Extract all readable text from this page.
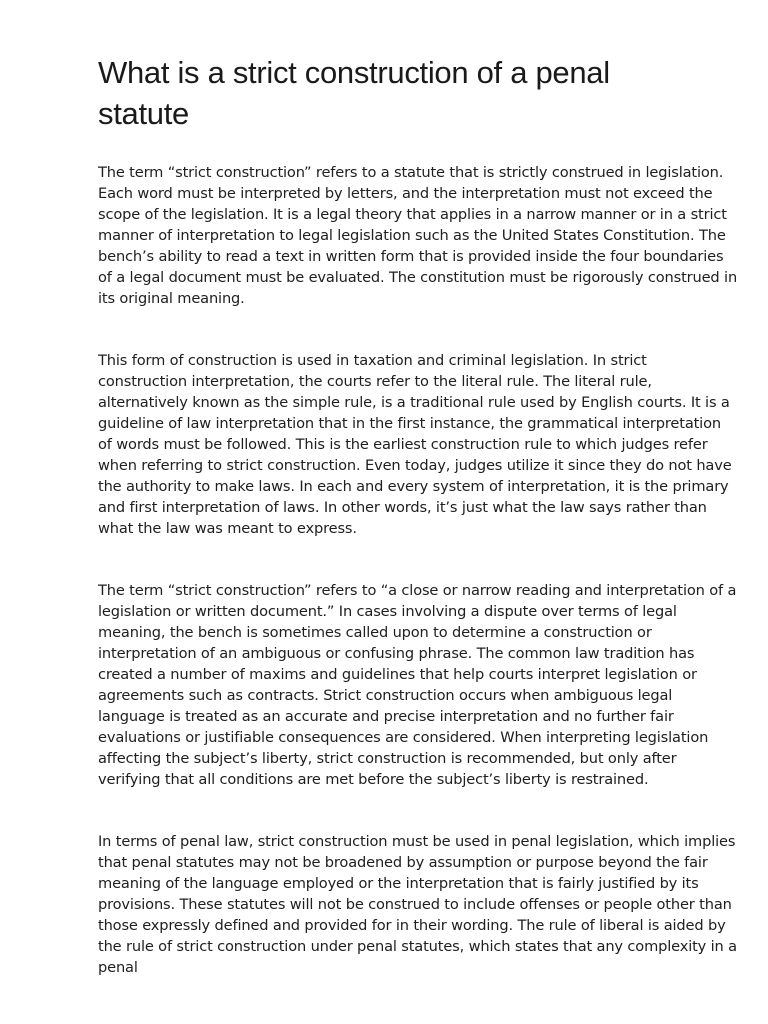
What is a strict construction of a penal statute

The term “strict construction” refers to a statute that is strictly construed in legislation. Each word must be interpreted by letters, and the interpretation must not exceed the scope of the legislation. It is a legal theory that applies in a narrow manner or in a strict manner of interpretation to legal legislation such as the United States Constitution. The bench’s ability to read a text in written form that is provided inside the four boundaries of a legal document must be evaluated. The constitution must be rigorously construed in its original meaning.

This form of construction is used in taxation and criminal legislation. In strict construction interpretation, the courts refer to the literal rule. The literal rule, alternatively known as the simple rule, is a traditional rule used by English courts. It is a guideline of law interpretation that in the first instance, the grammatical interpretation of words must be followed. This is the earliest construction rule to which judges refer when referring to strict construction. Even today, judges utilize it since they do not have the authority to make laws. In each and every system of interpretation, it is the primary and first interpretation of laws. In other words, it’s just what the law says rather than what the law was meant to express.

The term “strict construction” refers to “a close or narrow reading and interpretation of a legislation or written document.” In cases involving a dispute over terms of legal meaning, the bench is sometimes called upon to determine a construction or interpretation of an ambiguous or confusing phrase. The common law tradition has created a number of maxims and guidelines that help courts interpret legislation or agreements such as contracts. Strict construction occurs when ambiguous legal language is treated as an accurate and precise interpretation and no further fair evaluations or justifiable consequences are considered. When interpreting legislation affecting the subject’s liberty, strict construction is recommended, but only after verifying that all conditions are met before the subject’s liberty is restrained.

In terms of penal law, strict construction must be used in penal legislation, which implies that penal statutes may not be broadened by assumption or purpose beyond the fair meaning of the language employed or the interpretation that is fairly justified by its provisions. These statutes will not be construed to include offenses or people other than those expressly defined and provided for in their wording. The rule of liberal is aided by the rule of strict construction under penal statutes, which states that any complexity in a penal
